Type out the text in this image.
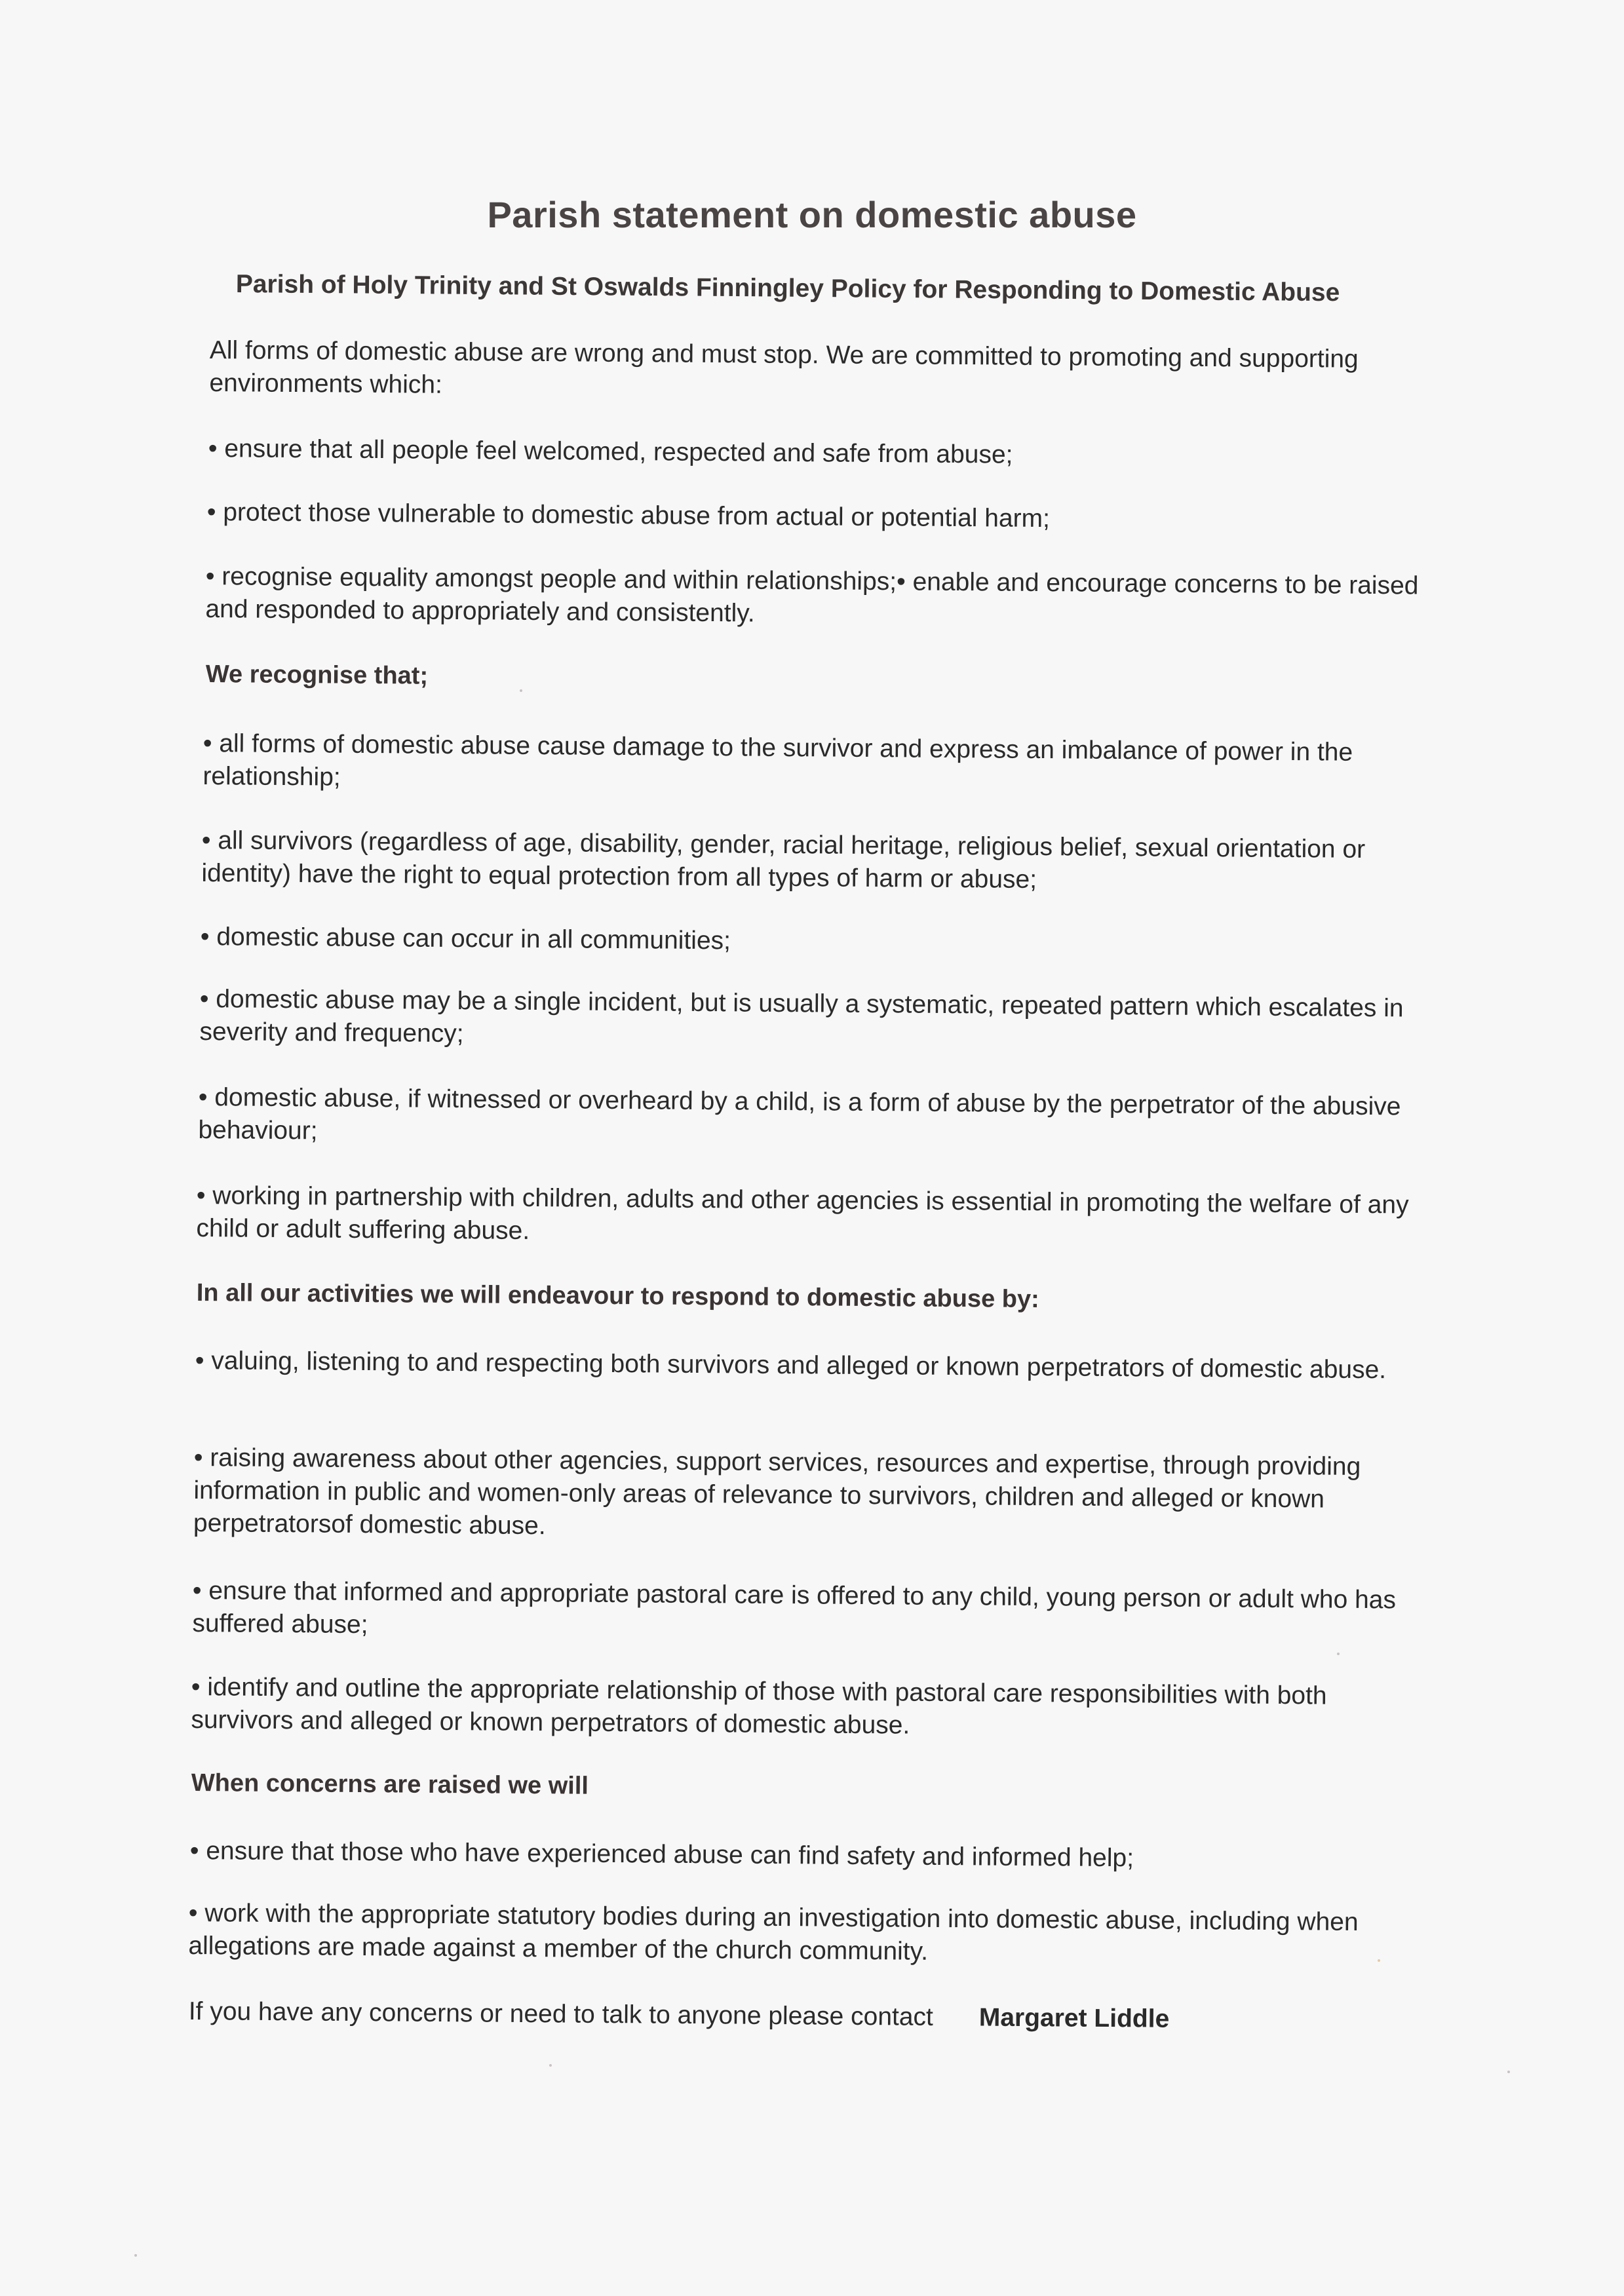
Parish statement on domestic abuse
Parish of Holy Trinity and St Oswalds Finningley Policy for Responding to Domestic Abuse
All forms of domestic abuse are wrong and must stop. We are committed to promoting and supporting environments which:
• ensure that all people feel welcomed, respected and safe from abuse;
• protect those vulnerable to domestic abuse from actual or potential harm;
• recognise equality amongst people and within relationships;• enable and encourage concerns to be raised and responded to appropriately and consistently.
We recognise that;
• all forms of domestic abuse cause damage to the survivor and express an imbalance of power in the relationship;
• all survivors (regardless of age, disability, gender, racial heritage, religious belief, sexual orientation or identity) have the right to equal protection from all types of harm or abuse;
• domestic abuse can occur in all communities;
• domestic abuse may be a single incident, but is usually a systematic, repeated pattern which escalates in severity and frequency;
• domestic abuse, if witnessed or overheard by a child, is a form of abuse by the perpetrator of the abusive behaviour;
• working in partnership with children, adults and other agencies is essential in promoting the welfare of any child or adult suffering abuse.
In all our activities we will endeavour to respond to domestic abuse by:
• valuing, listening to and respecting both survivors and alleged or known perpetrators of domestic abuse.
• raising awareness about other agencies, support services, resources and expertise, through providing information in public and women-only areas of relevance to survivors, children and alleged or known perpetratorsof domestic abuse.
• ensure that informed and appropriate pastoral care is offered to any child, young person or adult who has suffered abuse;
• identify and outline the appropriate relationship of those with pastoral care responsibilities with both survivors and alleged or known perpetrators of domestic abuse.
When concerns are raised we will
• ensure that those who have experienced abuse can find safety and informed help;
• work with the appropriate statutory bodies during an investigation into domestic abuse, including when allegations are made against a member of the church community.
If you have any concerns or need to talk to anyone please contact Margaret Liddle
